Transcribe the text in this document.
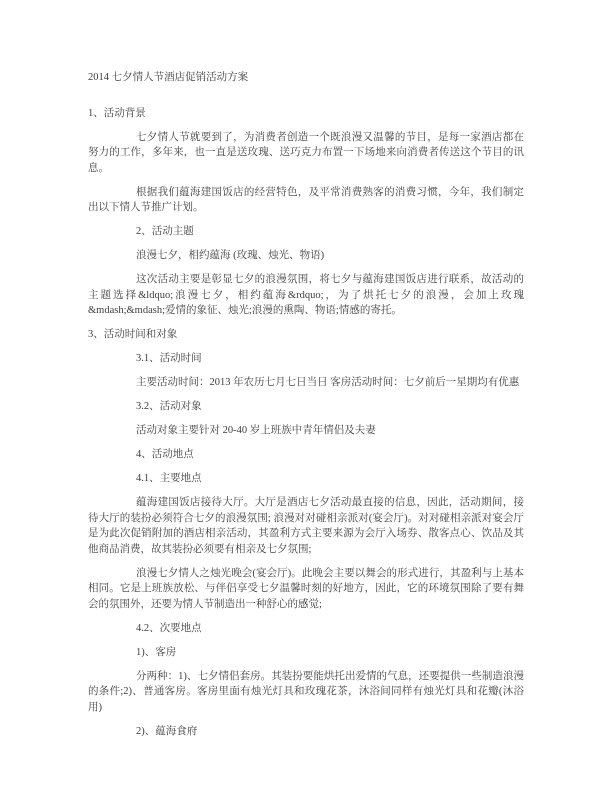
2014 七夕情人节酒店促销活动方案

1、活动背景

七夕情人节就要到了，为消费者创造一个既浪漫又温馨的节目，是每一家酒店都在努力的工作，多年来，也一直是送玫瑰、送巧克力布置一下场地来向消费者传送这个节目的讯息。

根据我们蕴海建国饭店的经营特色，及平常消费熟客的消费习惯，今年，我们制定出以下情人节推广计划。

2、活动主题

浪漫七夕，相约蕴海 (玫瑰、烛光、物语)

这次活动主要是彰显七夕的浪漫氛围，将七夕与蕴海建国饭店进行联系，故活动的主题选择&ldquo;浪漫七夕，相约蕴海&rdquo;，为了烘托七夕的浪漫，会加上玫瑰&mdash;&mdash;爱情的象征、烛光;浪漫的熏陶、物语;情感的寄托。

3、活动时间和对象

3.1、活动时间

主要活动时间：2013 年农历七月七日当日 客房活动时间：七夕前后一星期均有优惠

3.2、活动对象

活动对象主要针对 20-40 岁上班族中青年情侣及夫妻

4、活动地点

4.1、主要地点

蕴海建国饭店接待大厅。大厅是酒店七夕活动最直接的信息，因此，活动期间，接待大厅的装扮必须符合七夕的浪漫氛围; 浪漫对对碰相亲派对(宴会厅)。对对碰相亲派对宴会厅是为此次促销附加的酒店相亲活动，其盈利方式主要来源为会厅入场券、散客点心、饮品及其他商品消费，故其装扮必须要有相亲及七夕氛围;

浪漫七夕情人之烛光晚会(宴会厅)。此晚会主要以舞会的形式进行，其盈利与上基本相同。它是上班族放松、与伴侣享受七夕温馨时刻的好地方，因此，它的环境氛围除了要有舞会的氛围外，还要为情人节制造出一种舒心的感觉;

4.2、次要地点

1)、客房

分两种：1)、七夕情侣套房。其装扮要能烘托出爱情的气息，还要提供一些制造浪漫的条件;2)、普通客房。客房里面有烛光灯具和玫瑰花茶，沐浴间同样有烛光灯具和花瓣(沐浴用)

2)、蕴海食府
